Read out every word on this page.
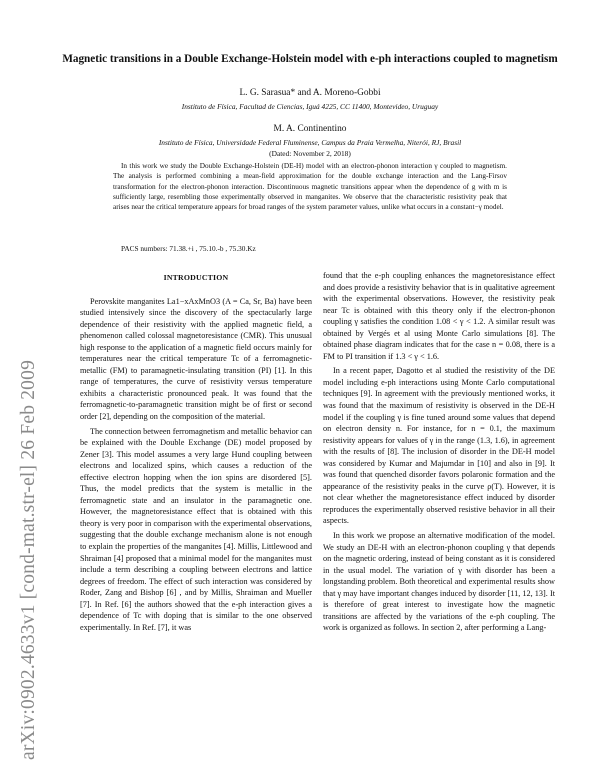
arXiv:0902.4633v1 [cond-mat.str-el] 26 Feb 2009
Magnetic transitions in a Double Exchange-Holstein model with e-ph interactions coupled to magnetism
L. G. Sarasua* and A. Moreno-Gobbi
Instituto de Física, Facultad de Ciencias, Iguá 4225, CC 11400, Montevideo, Uruguay
M. A. Continentino
Instituto de Física, Universidade Federal Fluminense, Campus da Praia Vermelha, Niterói, RJ, Brasil
(Dated: November 2, 2018)
In this work we study the Double Exchange-Holstein (DE-H) model with an electron-phonon interaction γ coupled to magnetism. The analysis is performed combining a mean-field approximation for the double exchange interaction and the Lang-Firsov transformation for the electron-phonon interaction. Discontinuous magnetic transitions appear when the dependence of g with m is sufficiently large, resembling those experimentally observed in manganites. We observe that the characteristic resistivity peak that arises near the critical temperature appears for broad ranges of the system parameter values, unlike what occurs in a constant−γ model.
PACS numbers: 71.38.+i , 75.10.-b , 75.30.Kz
INTRODUCTION

Perovskite manganites La1−xAxMnO3 (A = Ca, Sr, Ba) have been studied intensively since the discovery of the spectacularly large dependence of their resistivity with the applied magnetic field, a phenomenon called colossal magnetoresistance (CMR). This unusual high response to the application of a magnetic field occurs mainly for temperatures near the critical temperature Tc of a ferromagnetic-metallic (FM) to paramagnetic-insulating transition (PI) [1]. In this range of temperatures, the curve of resistivity versus temperature exhibits a characteristic pronounced peak. It was found that the ferromagnetic-to-paramagnetic transition might be of first or second order [2], depending on the composition of the material.

The connection between ferromagnetism and metallic behavior can be explained with the Double Exchange (DE) model proposed by Zener [3]. This model assumes a very large Hund coupling between electrons and localized spins, which causes a reduction of the effective electron hopping when the ion spins are disordered [5]. Thus, the model predicts that the system is metallic in the ferromagnetic state and an insulator in the paramagnetic one. However, the magnetoresistance effect that is obtained with this theory is very poor in comparison with the experimental observations, suggesting that the double exchange mechanism alone is not enough to explain the properties of the manganites [4]. Millis, Littlewood and Shraiman [4] proposed that a minimal model for the manganites must include a term describing a coupling between electrons and lattice degrees of freedom. The effect of such interaction was considered by Roder, Zang and Bishop [6] , and by Millis, Shraiman and Mueller [7]. In Ref. [6] the authors showed that the e-ph interaction gives a dependence of Tc with doping that is similar to the one observed experimentally. In Ref. [7], it was

found that the e-ph coupling enhances the magnetoresistance effect and does provide a resistivity behavior that is in qualitative agreement with the experimental observations. However, the resistivity peak near Tc is obtained with this theory only if the electron-phonon coupling γ satisfies the condition 1.08 < γ < 1.2. A similar result was obtained by Vergés et al using Monte Carlo simulations [8]. The obtained phase diagram indicates that for the case n = 0.08, there is a FM to PI transition if 1.3 < γ < 1.6.

In a recent paper, Dagotto et al studied the resistivity of the DE model including e-ph interactions using Monte Carlo computational techniques [9]. In agreement with the previously mentioned works, it was found that the maximum of resistivity is observed in the DE-H model if the coupling γ is fine tuned around some values that depend on electron density n. For instance, for n = 0.1, the maximum resistivity appears for values of γ in the range (1.3, 1.6), in agreement with the results of [8]. The inclusion of disorder in the DE-H model was considered by Kumar and Majumdar in [10] and also in [9]. It was found that quenched disorder favors polaronic formation and the appearance of the resistivity peaks in the curve ρ(T). However, it is not clear whether the magnetoresistance effect induced by disorder reproduces the experimentally observed resistive behavior in all their aspects.

In this work we propose an alternative modification of the model. We study an DE-H with an electron-phonon coupling γ that depends on the magnetic ordering, instead of being constant as it is considered in the usual model. The variation of γ with disorder has been a longstanding problem. Both theoretical and experimental results show that γ may have important changes induced by disorder [11, 12, 13]. It is therefore of great interest to investigate how the magnetic transitions are affected by the variations of the e-ph coupling. The work is organized as follows. In section 2, after performing a Lang-
